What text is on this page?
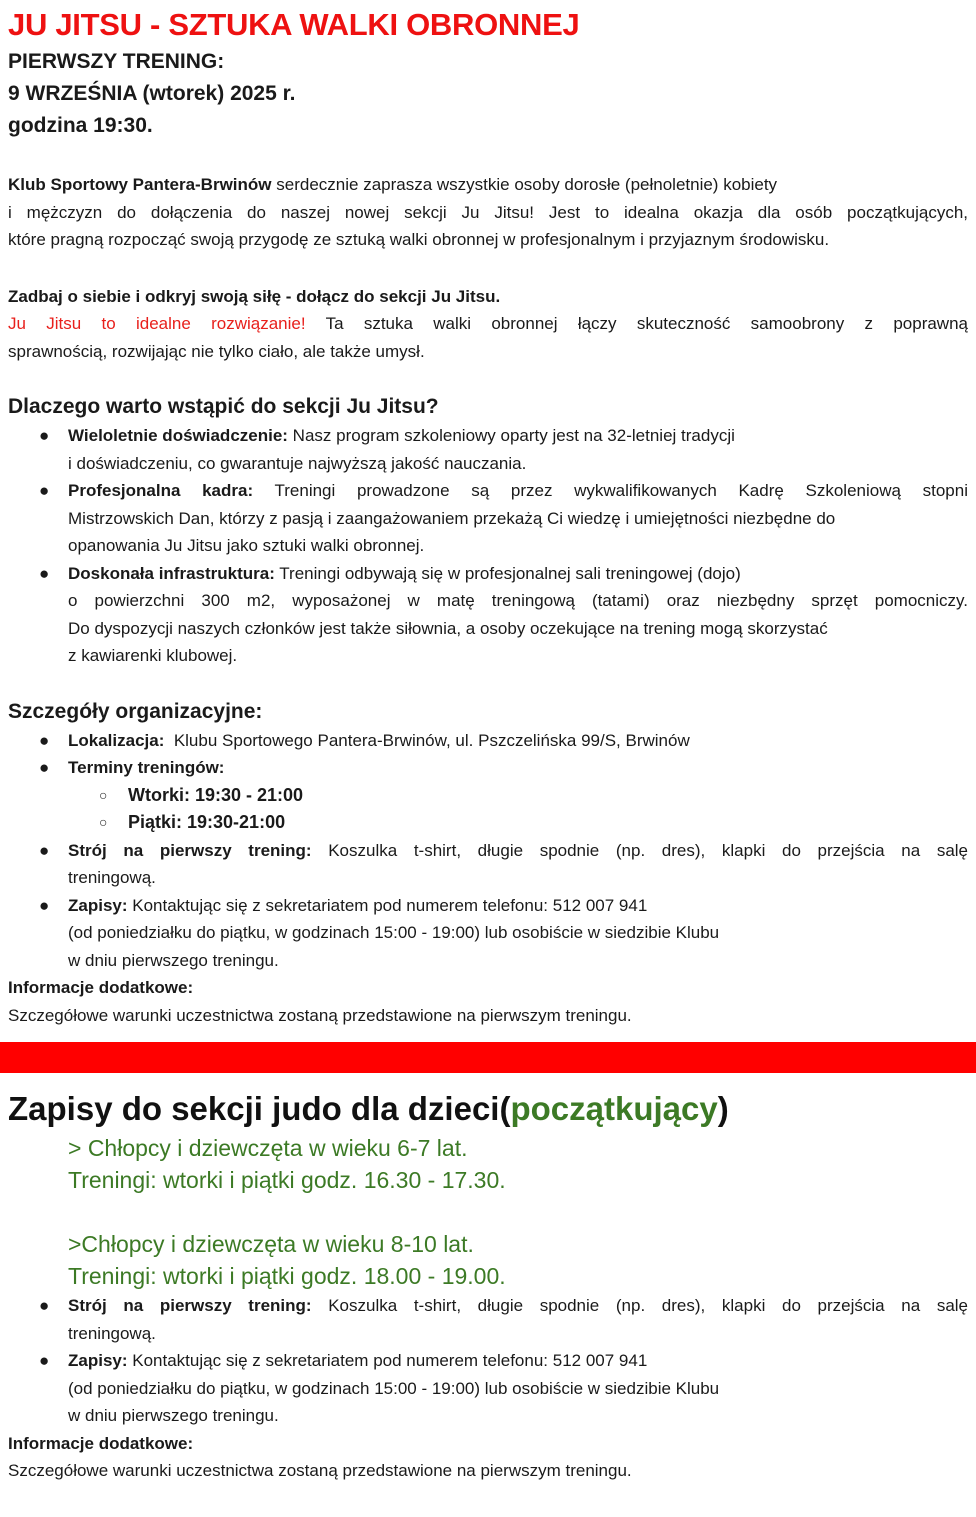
JU JITSU - SZTUKA WALKI OBRONNEJ
PIERWSZY TRENING:
9 WRZEŚNIA (wtorek) 2025 r.
godzina 19:30.

Klub Sportowy Pantera-Brwinów serdecznie zaprasza wszystkie osoby dorosłe (pełnoletnie) kobiety

i mężczyzn do dołączenia do naszej nowej sekcji Ju Jitsu! Jest to idealna okazja dla osób początkujących,
które pragną rozpocząć swoją przygodę ze sztuką walki obronnej w profesjonalnym i przyjaznym środowisku.

Zadbaj o siebie i odkryj swoją siłę - dołącz do sekcji Ju Jitsu.

Ju Jitsu to idealne rozwiązanie! Ta sztuka walki obronnej łączy skuteczność samoobrony z poprawną
sprawnością, rozwijając nie tylko ciało, ale także umysł.

Dlaczego warto wstąpić do sekcji Ju Jitsu?
● Wieloletnie doświadczenie: Nasz program szkoleniowy oparty jest na 32-letniej tradycji
i doświadczeniu, co gwarantuje najwyższą jakość nauczania.
● Profesjonalna kadra: Treningi prowadzone są przez wykwalifikowanych Kadrę Szkoleniową stopni
Mistrzowskich Dan, którzy z pasją i zaangażowaniem przekażą Ci wiedzę i umiejętności niezbędne do
opanowania Ju Jitsu jako sztuki walki obronnej.
● Doskonała infrastruktura: Treningi odbywają się w profesjonalnej sali treningowej (dojo)

o powierzchni 300 m2, wyposażonej w matę treningową (tatami) oraz niezbędny sprzęt pomocniczy.
Do dyspozycji naszych członków jest także siłownia, a osoby oczekujące na trening mogą skorzystać
z kawiarenki klubowej.
Szczegóły organizacyjne:
● Lokalizacja:  Klubu Sportowego Pantera-Brwinów, ul. Pszczelińska 99/S, Brwinów
● Terminy treningów:
○ Wtorki: 19:30 - 21:00
○ Piątki: 19:30-21:00
● Strój na pierwszy trening: Koszulka t-shirt, długie spodnie (np. dres), klapki do przejścia na salę
treningową.
● Zapisy: Kontaktując się z sekretariatem pod numerem telefonu: 512 007 941
(od poniedziałku do piątku, w godzinach 15:00 - 19:00) lub osobiście w siedzibie Klubu
w dniu pierwszego treningu.

Informacje dodatkowe:

Szczegółowe warunki uczestnictwa zostaną przedstawione na pierwszym treningu.

Zapisy do sekcji judo dla dzieci(początkujący)
> Chłopcy i dziewczęta w wieku 6-7 lat.
Treningi: wtorki i piątki godz. 16.30 - 17.30.
>Chłopcy i dziewczęta w wieku 8-10 lat.
Treningi: wtorki i piątki godz. 18.00 - 19.00.
● Strój na pierwszy trening: Koszulka t-shirt, długie spodnie (np. dres), klapki do przejścia na salę
treningową.
● Zapisy: Kontaktując się z sekretariatem pod numerem telefonu: 512 007 941
(od poniedziałku do piątku, w godzinach 15:00 - 19:00) lub osobiście w siedzibie Klubu
w dniu pierwszego treningu.

Informacje dodatkowe:

Szczegółowe warunki uczestnictwa zostaną przedstawione na pierwszym treningu.
